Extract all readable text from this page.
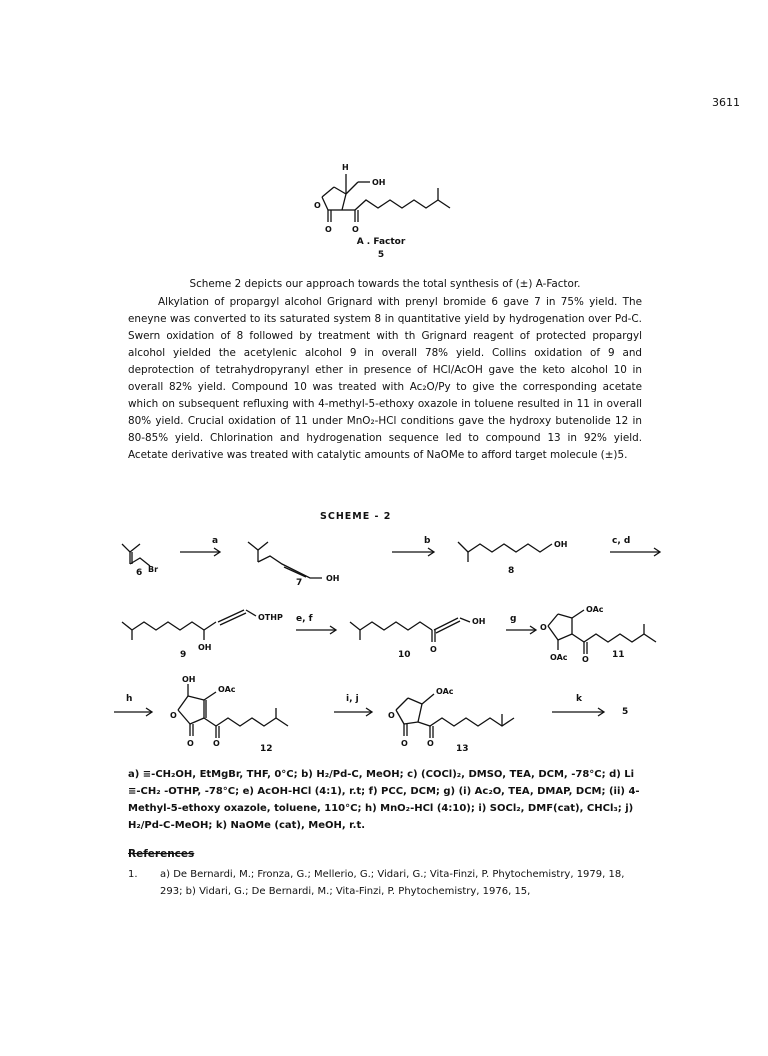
3611
H
OH
O
O	O
A . Factor
5
Scheme 2 depicts our approach towards the total synthesis of (±) A-Factor.
Alkylation of propargyl alcohol Grignard with prenyl bromide 6 gave 7 in 75% yield. The eneyne was converted to its saturated system 8 in quantitative yield by hydrogenation over Pd-C. Swern oxidation of 8 followed by treatment with th Grignard reagent of protected propargyl alcohol yielded the acetylenic alcohol 9 in overall 78% yield. Collins oxidation of 9 and deprotection of tetrahydropyranyl ether in presence of HCl/AcOH gave the keto alcohol 10 in overall 82% yield. Compound 10 was treated with Ac₂O/Py to give the corresponding acetate which on subsequent refluxing with 4-methyl-5-ethoxy oxazole in toluene resulted in 11 in overall 80% yield. Crucial oxidation of 11 under MnO₂-HCl conditions gave the hydroxy butenolide 12 in 80-85% yield. Chlorination and hydrogenation sequence led to compound 13 in 92% yield. Acetate derivative was treated with catalytic amounts of NaOMe to afford target molecule (±)5.
SCHEME - 2
Br
OH
OH
a	b	c, d
6
7
8
OTHP
OH
OH
O
OAc
O
OAc O
e, f	g
9	10	11
OH
OAc
O
O O
OAc
O
O O
h	i, j	k
12	13
5
a) ≡-CH₂OH, EtMgBr, THF, 0°C; b) H₂/Pd-C, MeOH; c) (COCl)₂, DMSO, TEA, DCM, -78°C; d) Li ≡-CH₂ -OTHP, -78°C; e) AcOH-HCl (4:1), r.t; f) PCC, DCM; g) (i) Ac₂O, TEA, DMAP, DCM; (ii) 4-Methyl-5-ethoxy oxazole, toluene, 110°C; h) MnO₂-HCl (4:10); i) SOCl₂, DMF(cat), CHCl₃; j) H₂/Pd-C-MeOH; k) NaOMe (cat), MeOH, r.t.
References
1. a) De Bernardi, M.; Fronza, G.; Mellerio, G.; Vidari, G.; Vita-Finzi, P. Phytochemistry, 1979, 18, 293; b) Vidari, G.; De Bernardi, M.; Vita-Finzi, P. Phytochemistry, 1976, 15,
